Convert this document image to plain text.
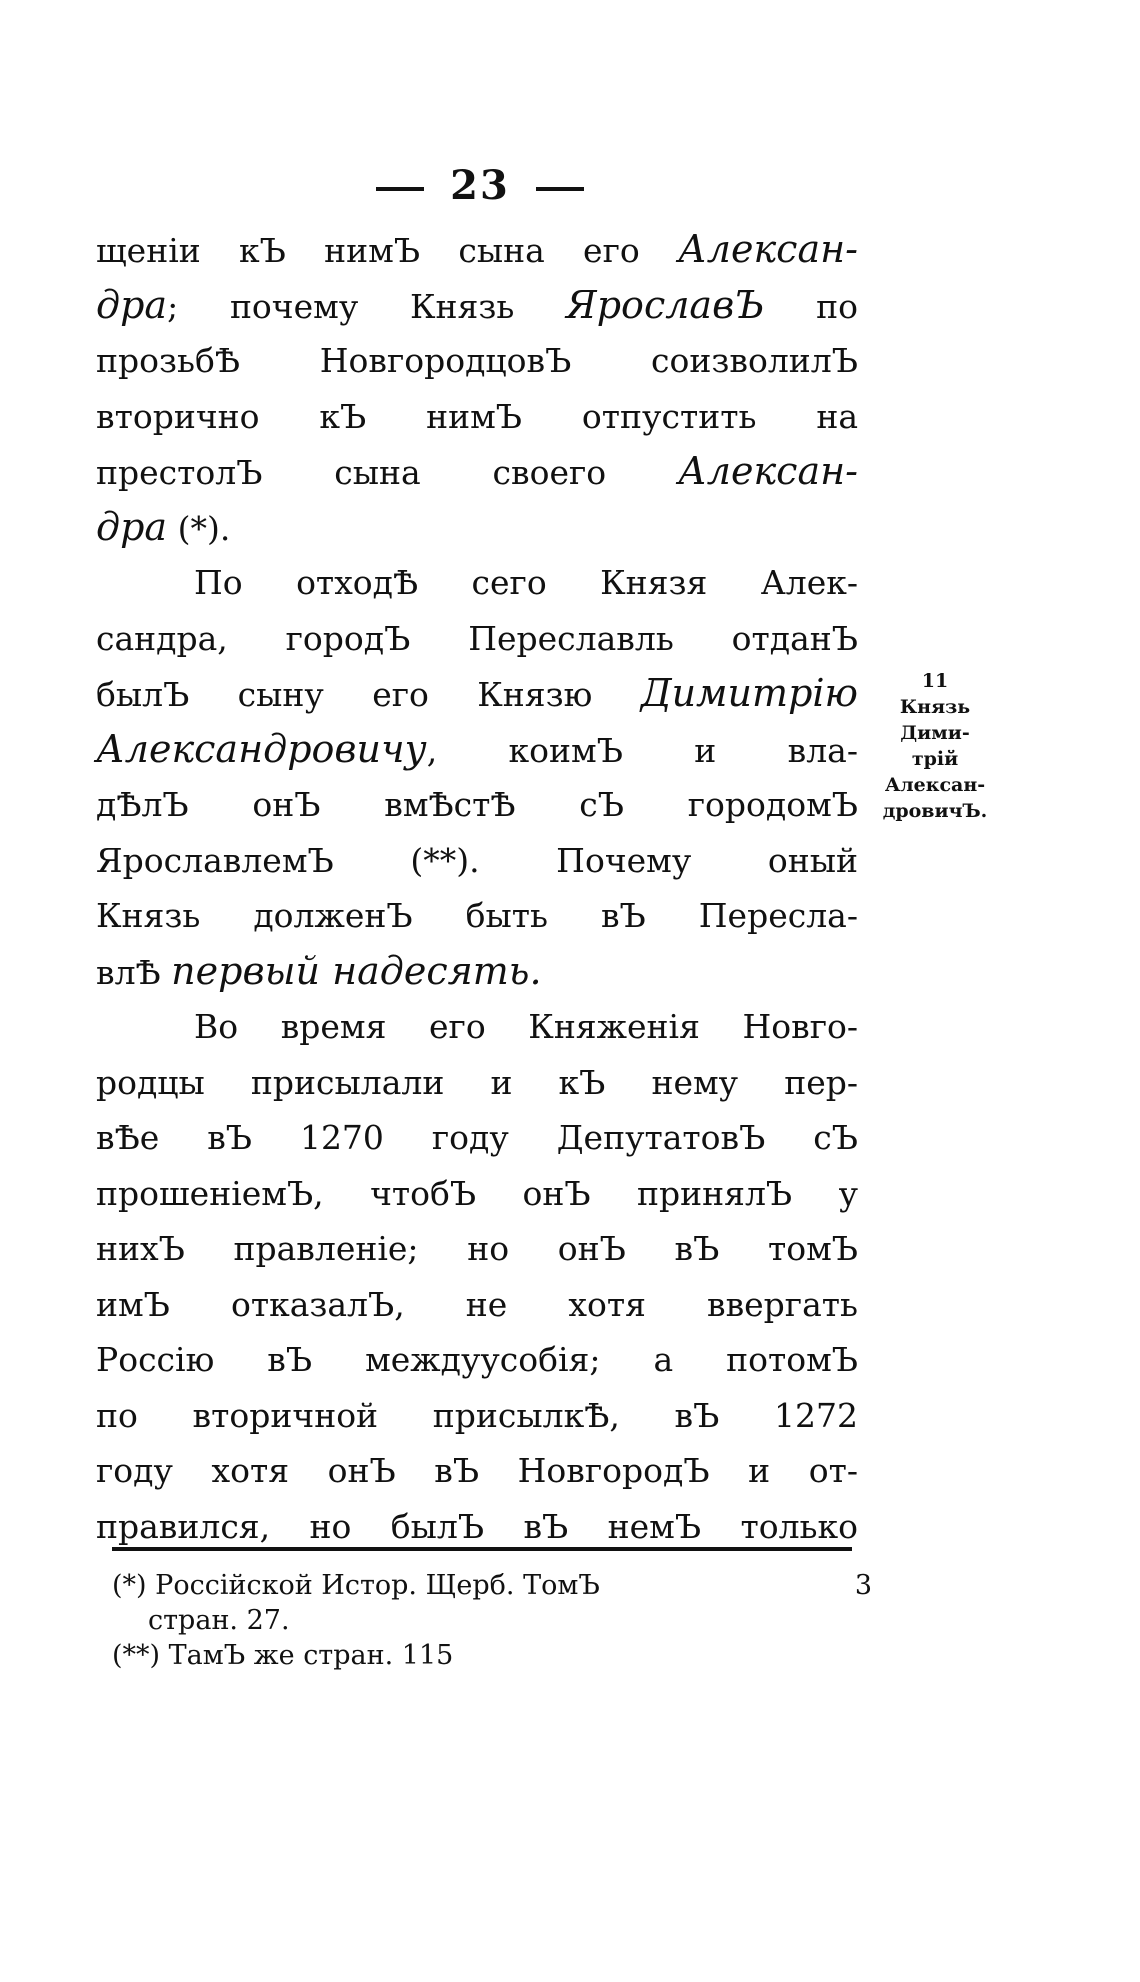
23
щенiи кЪ нимЪ сына его Алексан-
дра; почему Князь ЯрославЪ по
прозьбѢ НовгородцовЪ соизволилЪ
вторично кЪ нимЪ отпустить на
престолЪ сына своего Алексан-
дра (*).
По отходѢ сего Князя Алек-
сандра, городЪ Переславль отданЪ
былЪ сыну его Князю Димитрiю
Александровичу, коимЪ и вла-
дѢлЪ онЪ вмѢстѢ сЪ городомЪ
ЯрославлемЪ (**). Почему оный
Князь долженЪ быть вЪ Пересла-
влѢ первый надесять.
Во время его Княженiя Новго-
родцы присылали и кЪ нему пер-
вѢе вЪ 1270 году ДепутатовЪ сЪ
прошенiемЪ, чтобЪ онЪ принялЪ у
нихЪ правленiе; но онЪ вЪ томЪ
имЪ отказалЪ, не хотя ввергать
Россiю вЪ междуусобiя; а потомЪ
по вторичной присылкѢ, вЪ 1272
году хотя онЪ вЪ НовгородЪ и от-
правился, но былЪ вЪ немЪ только
11
Князь
Дими-
трiй
Алексан-
дровичЪ.
(*) Россiйской Истор. Щерб. ТомЪ	3
стран. 27.
(**) ТамЪ же стран. 115
